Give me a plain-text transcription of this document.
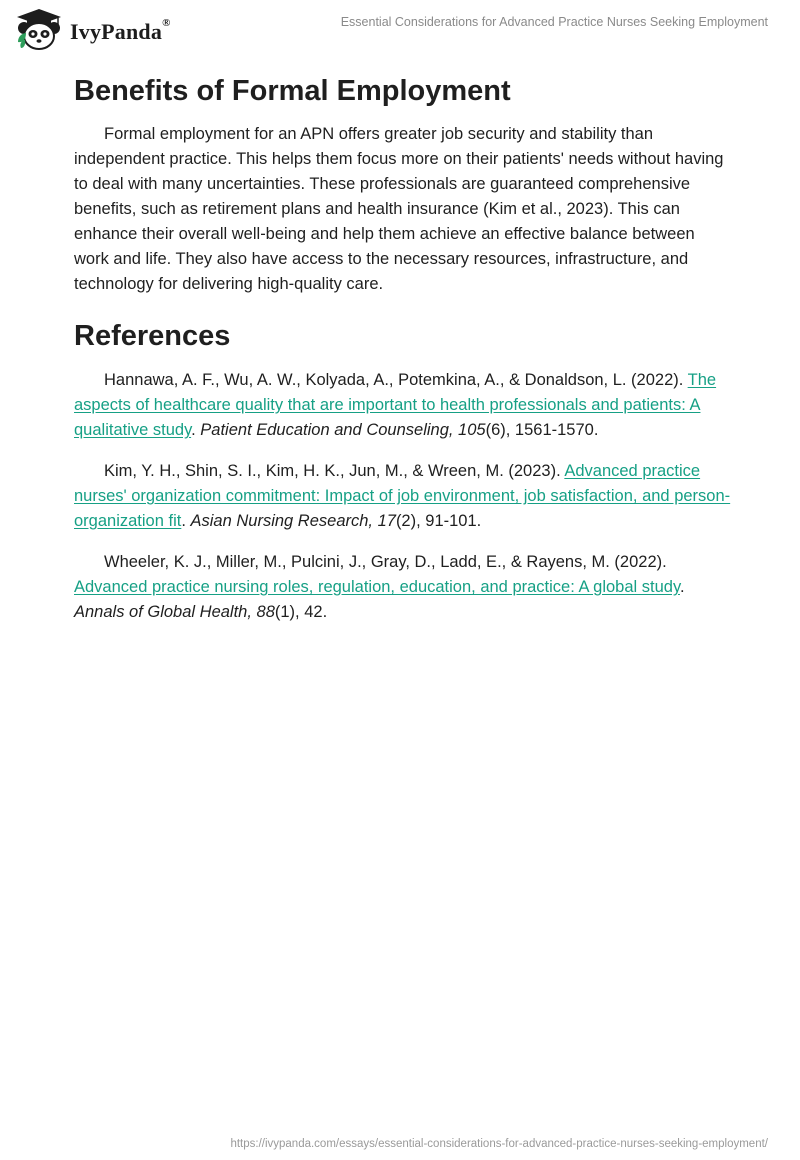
IvyPanda®	Essential Considerations for Advanced Practice Nurses Seeking Employment
Benefits of Formal Employment

Formal employment for an APN offers greater job security and stability than independent practice. This helps them focus more on their patients' needs without having to deal with many uncertainties. These professionals are guaranteed comprehensive benefits, such as retirement plans and health insurance (Kim et al., 2023). This can enhance their overall well-being and help them achieve an effective balance between work and life. They also have access to the necessary resources, infrastructure, and technology for delivering high-quality care.

References

Hannawa, A. F., Wu, A. W., Kolyada, A., Potemkina, A., & Donaldson, L. (2022). The aspects of healthcare quality that are important to health professionals and patients: A qualitative study. Patient Education and Counseling, 105(6), 1561-1570.

Kim, Y. H., Shin, S. I., Kim, H. K., Jun, M., & Wreen, M. (2023). Advanced practice nurses' organization commitment: Impact of job environment, job satisfaction, and person-organization fit. Asian Nursing Research, 17(2), 91-101.

Wheeler, K. J., Miller, M., Pulcini, J., Gray, D., Ladd, E., & Rayens, M. (2022). Advanced practice nursing roles, regulation, education, and practice: A global study. Annals of Global Health, 88(1), 42.

https://ivypanda.com/essays/essential-considerations-for-advanced-practice-nurses-seeking-employment/
